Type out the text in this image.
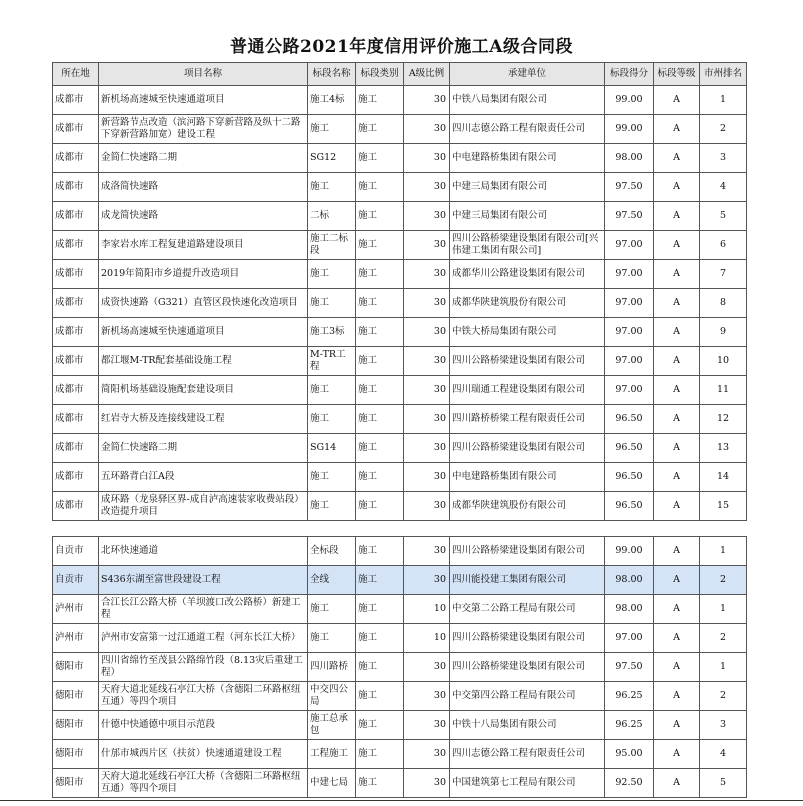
普通公路2021年度信用评价施工A级合同段
所在地	项目名称	标段名称	标段类别	A级比例	承建单位	标段得分	标段等级	市州排名
成都市	新机场高速城至快速通道项目	施工4标	施工	30	中铁八局集团有限公司	99.00	A	1
成都市	新营路节点改造（滨河路下穿新营路及纵十二路下穿新营路加宽）建设工程	施工	施工	30	四川志德公路工程有限责任公司	99.00	A	2
成都市	金简仁快速路二期	SG12	施工	30	中电建路桥集团有限公司	98.00	A	3
成都市	成洛简快速路	施工	施工	30	中建三局集团有限公司	97.50	A	4
成都市	成龙简快速路	二标	施工	30	中建三局集团有限公司	97.50	A	5
成都市	李家岩水库工程复建道路建设项目	施工二标段	施工	30	四川公路桥梁建设集团有限公司[兴伟建工集团有限公司]	97.00	A	6
成都市	2019年简阳市乡道提升改造项目	施工	施工	30	成都华川公路建设集团有限公司	97.00	A	7
成都市	成资快速路（G321）直管区段快速化改造项目	施工	施工	30	成都华陕建筑股份有限公司	97.00	A	8
成都市	新机场高速城至快速通道项目	施工3标	施工	30	中铁大桥局集团有限公司	97.00	A	9
成都市	都江堰M-TR配套基础设施工程	M-TR工程	施工	30	四川公路桥梁建设集团有限公司	97.00	A	10
成都市	简阳机场基础设施配套建设项目	施工	施工	30	四川瑞通工程建设集团有限公司	97.00	A	11
成都市	红岩寺大桥及连接线建设工程	施工	施工	30	四川路桥桥梁工程有限责任公司	96.50	A	12
成都市	金简仁快速路二期	SG14	施工	30	四川公路桥梁建设集团有限公司	96.50	A	13
成都市	五环路背白江A段	施工	施工	30	中电建路桥集团有限公司	96.50	A	14
成都市	成环路（龙泉驿区界-成自泸高速装家收费站段）改造提升项目	施工	施工	30	成都华陕建筑股份有限公司	96.50	A	15
自贡市	北环快速通道	全标段	施工	30	四川公路桥梁建设集团有限公司	99.00	A	1
自贡市	S436东湖至富世段建设工程	全线	施工	30	四川能投建工集团有限公司	98.00	A	2
泸州市	合江长江公路大桥（羊坝渡口改公路桥）新建工程	施工	施工	10	中交第二公路工程局有限公司	98.00	A	1
泸州市	泸州市安富第一过江通道工程（河东长江大桥）	施工	施工	10	四川公路桥梁建设集团有限公司	97.00	A	2
德阳市	四川省绵竹至茂县公路绵竹段（8.13灾后重建工程）	四川路桥	施工	30	四川公路桥梁建设集团有限公司	97.50	A	1
德阳市	天府大道北延线石亭江大桥（含德阳二环路枢纽互通）等四个项目	中交四公局	施工	30	中交第四公路工程局有限公司	96.25	A	2
德阳市	什德中快通德中项目示范段	施工总承包	施工	30	中铁十八局集团有限公司	96.25	A	3
德阳市	什邡市城西片区（扶贫）快速通道建设工程	工程施工	施工	30	四川志德公路工程有限责任公司	95.00	A	4
德阳市	天府大道北延线石亭江大桥（含德阳二环路枢纽互通）等四个项目	中建七局	施工	30	中国建筑第七工程局有限公司	92.50	A	5
